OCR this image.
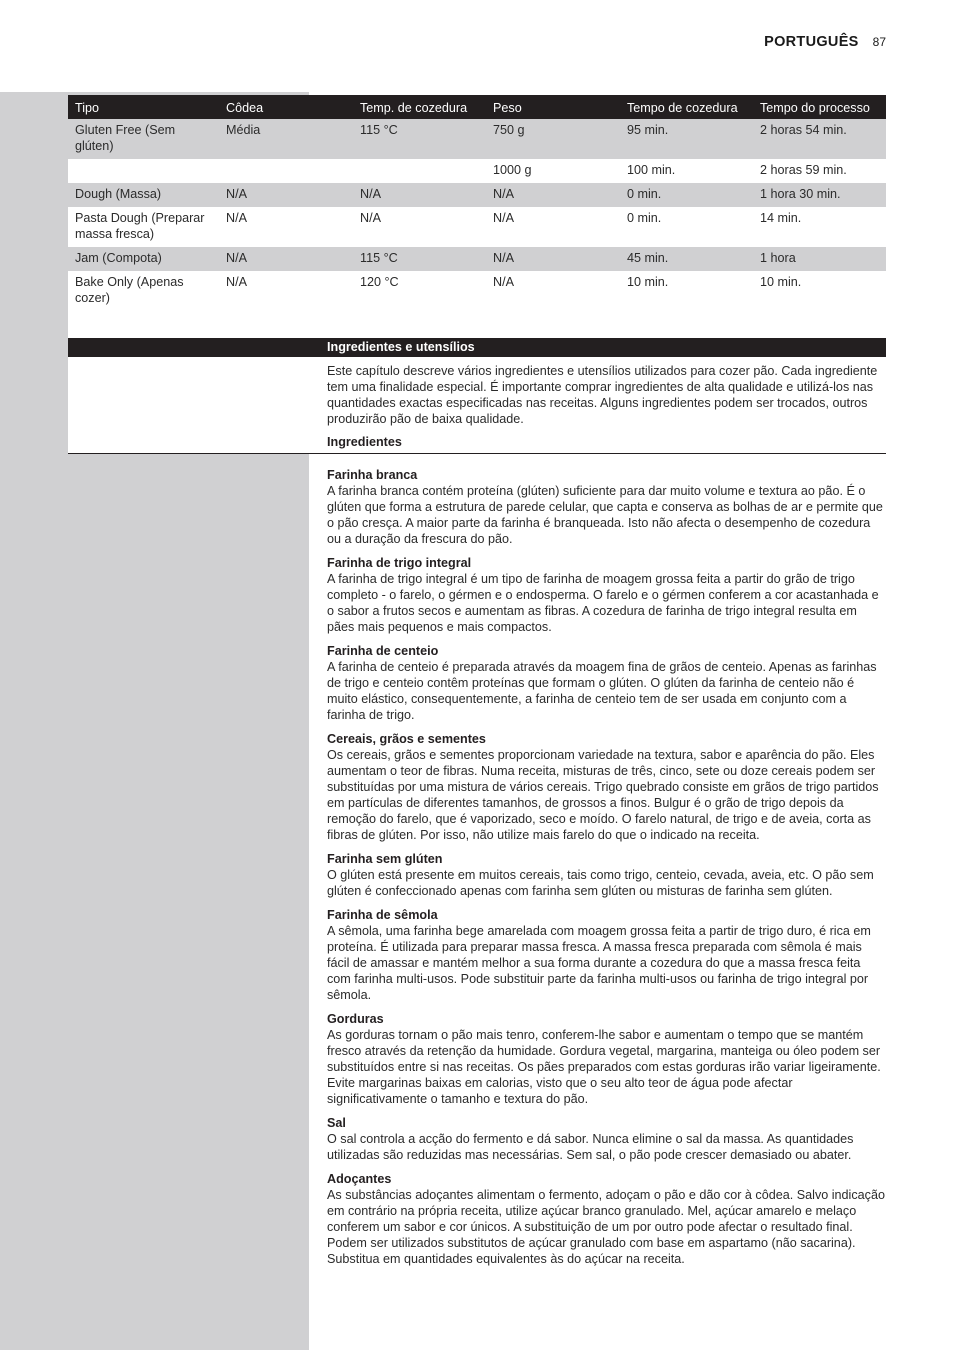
PORTUGUÊS 87
Tipo	Côdea	Temp. de cozedura	Peso	Tempo de cozedura	Tempo do processo
Gluten Free (Sem glúten)	Média	115 °C	750 g	95 min.	2 horas 54 min.
			1000 g	100 min.	2 horas 59 min.
Dough (Massa)	N/A	N/A	N/A	0 min.	1 hora 30 min.
Pasta Dough (Preparar massa fresca)	N/A	N/A	N/A	0 min.	14 min.
Jam (Compota)	N/A	115 °C	N/A	45 min.	1 hora
Bake Only (Apenas cozer)	N/A	120 °C	N/A	10 min.	10 min.
Ingredientes e utensílios
Este capítulo descreve vários ingredientes e utensílios utilizados para cozer pão. Cada ingrediente tem uma finalidade especial. É importante comprar ingredientes de alta qualidade e utilizá-los nas quantidades exactas especificadas nas receitas. Alguns ingredientes podem ser trocados, outros produzirão pão de baixa qualidade.
Ingredientes
Farinha branca

A farinha branca contém proteína (glúten) suficiente para dar muito volume e textura ao pão. É o glúten que forma a estrutura de parede celular, que capta e conserva as bolhas de ar e permite que o pão cresça. A maior parte da farinha é branqueada. Isto não afecta o desempenho de cozedura ou a duração da frescura do pão.

Farinha de trigo integral

A farinha de trigo integral é um tipo de farinha de moagem grossa feita a partir do grão de trigo completo - o farelo, o gérmen e o endosperma. O farelo e o gérmen conferem a cor acastanhada e o sabor a frutos secos e aumentam as fibras. A cozedura de farinha de trigo integral resulta em pães mais pequenos e mais compactos.

Farinha de centeio

A farinha de centeio é preparada através da moagem fina de grãos de centeio. Apenas as farinhas de trigo e centeio contêm proteínas que formam o glúten. O glúten da farinha de centeio não é muito elástico, consequentemente, a farinha de centeio tem de ser usada em conjunto com a farinha de trigo.

Cereais, grãos e sementes

Os cereais, grãos e sementes proporcionam variedade na textura, sabor e aparência do pão. Eles aumentam o teor de fibras. Numa receita, misturas de três, cinco, sete ou doze cereais podem ser substituídas por uma mistura de vários cereais. Trigo quebrado consiste em grãos de trigo partidos em partículas de diferentes tamanhos, de grossos a finos. Bulgur é o grão de trigo depois da remoção do farelo, que é vaporizado, seco e moído. O farelo natural, de trigo e de aveia, corta as fibras de glúten. Por isso, não utilize mais farelo do que o indicado na receita.

Farinha sem glúten

O glúten está presente em muitos cereais, tais como trigo, centeio, cevada, aveia, etc. O pão sem glúten é confeccionado apenas com farinha sem glúten ou misturas de farinha sem glúten.

Farinha de sêmola

A sêmola, uma farinha bege amarelada com moagem grossa feita a partir de trigo duro, é rica em proteína. É utilizada para preparar massa fresca. A massa fresca preparada com sêmola é mais fácil de amassar e mantém melhor a sua forma durante a cozedura do que a massa fresca feita com farinha multi-usos. Pode substituir parte da farinha multi-usos ou farinha de trigo integral por sêmola.

Gorduras

As gorduras tornam o pão mais tenro, conferem-lhe sabor e aumentam o tempo que se mantém fresco através da retenção da humidade. Gordura vegetal, margarina, manteiga ou óleo podem ser substituídos entre si nas receitas. Os pães preparados com estas gorduras irão variar ligeiramente. Evite margarinas baixas em calorias, visto que o seu alto teor de água pode afectar significativamente o tamanho e textura do pão.

Sal

O sal controla a acção do fermento e dá sabor. Nunca elimine o sal da massa. As quantidades utilizadas são reduzidas mas necessárias. Sem sal, o pão pode crescer demasiado ou abater.

Adoçantes

As substâncias adoçantes alimentam o fermento, adoçam o pão e dão cor à côdea. Salvo indicação em contrário na própria receita, utilize açúcar branco granulado. Mel, açúcar amarelo e melaço conferem um sabor e cor únicos. A substituição de um por outro pode afectar o resultado final. Podem ser utilizados substitutos de açúcar granulado com base em aspartamo (não sacarina). Substitua em quantidades equivalentes às do açúcar na receita.
